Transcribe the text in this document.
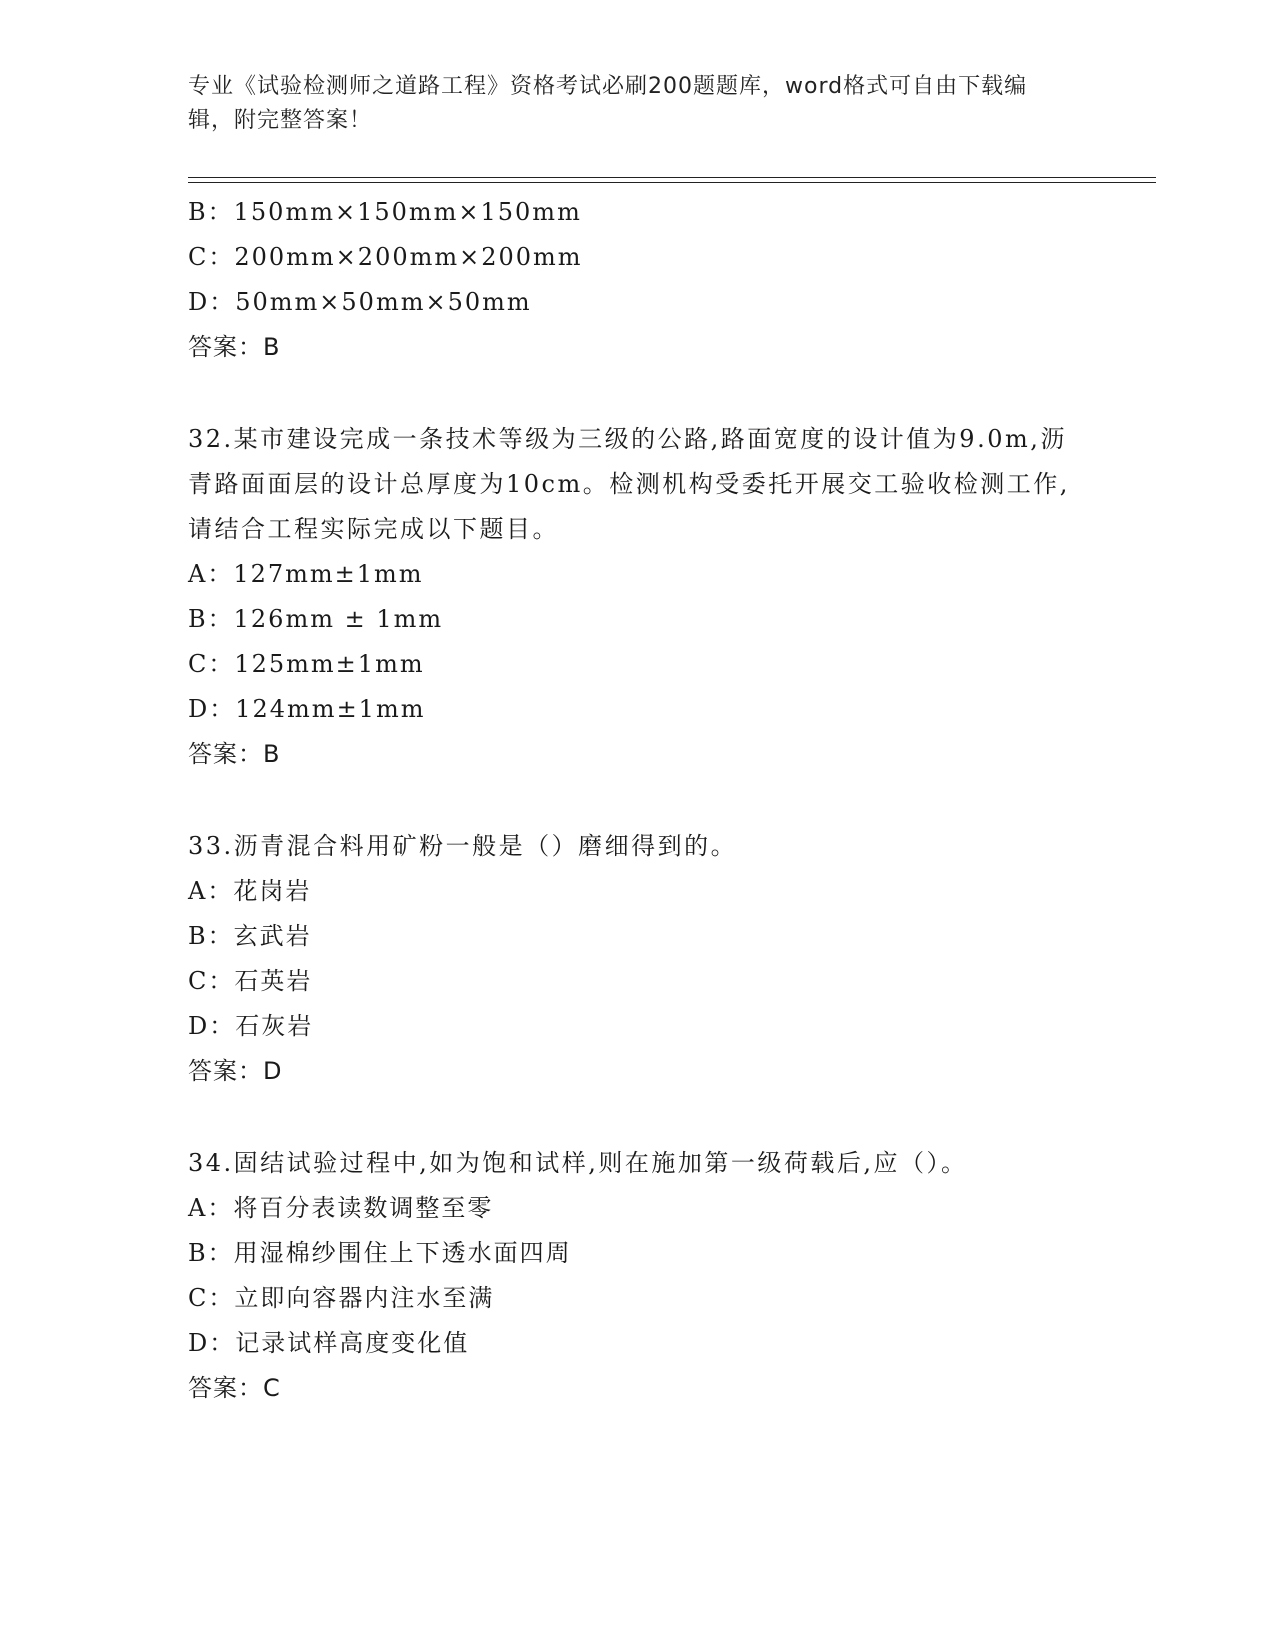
专业《试验检测师之道路工程》资格考试必刷200题题库，word格式可自由下载编辑，附完整答案！
B：150mm×150mm×150mm
C：200mm×200mm×200mm
D：50mm×50mm×50mm
答案：B
32.某市建设完成一条技术等级为三级的公路,路面宽度的设计值为9.0m,沥青路面面层的设计总厚度为10cm。检测机构受委托开展交工验收检测工作,请结合工程实际完成以下题目。
A：127mm±1mm
B：126mm ± 1mm
C：125mm±1mm
D：124mm±1mm
答案：B
33.沥青混合料用矿粉一般是（）磨细得到的。
A：花岗岩
B：玄武岩
C：石英岩
D：石灰岩
答案：D
34.固结试验过程中,如为饱和试样,则在施加第一级荷载后,应（）。
A：将百分表读数调整至零
B：用湿棉纱围住上下透水面四周
C：立即向容器内注水至满
D：记录试样高度变化值
答案：C
